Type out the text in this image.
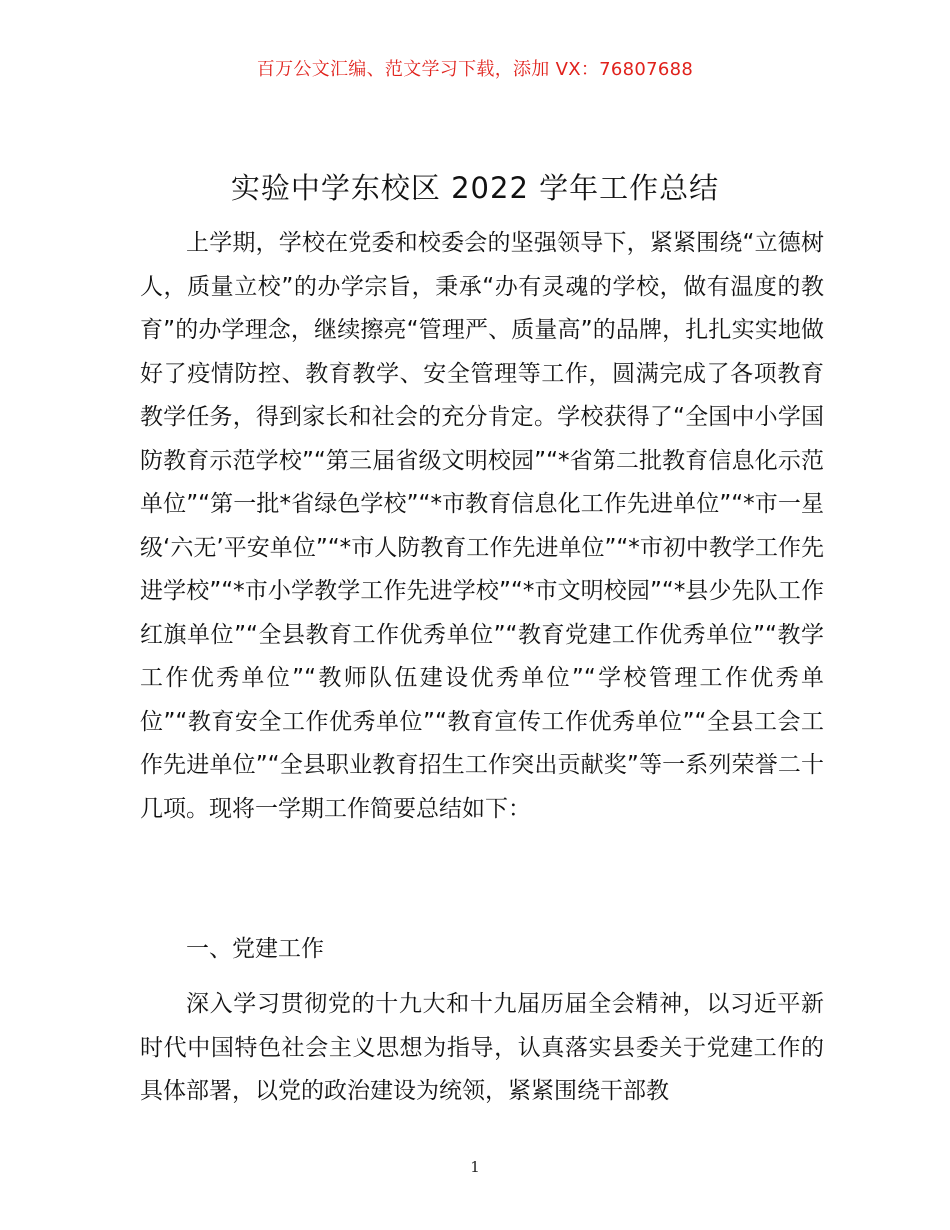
百万公文汇编、范文学习下载，添加 VX：76807688
实验中学东校区 2022 学年工作总结

上学期，学校在党委和校委会的坚强领导下，紧紧围绕“立德树人，质量立校”的办学宗旨，秉承“办有灵魂的学校，做有温度的教育”的办学理念，继续擦亮“管理严、质量高”的品牌，扎扎实实地做好了疫情防控、教育教学、安全管理等工作，圆满完成了各项教育教学任务，得到家长和社会的充分肯定。学校获得了“全国中小学国防教育示范学校”“第三届省级文明校园”“*省第二批教育信息化示范单位”“第一批*省绿色学校”“*市教育信息化工作先进单位”“*市一星级‘六无’平安单位”“*市人防教育工作先进单位”“*市初中教学工作先进学校”“*市小学教学工作先进学校”“*市文明校园”“*县少先队工作红旗单位”“全县教育工作优秀单位”“教育党建工作优秀单位”“教学工作优秀单位”“教师队伍建设优秀单位”“学校管理工作优秀单位”“教育安全工作优秀单位”“教育宣传工作优秀单位”“全县工会工作先进单位”“全县职业教育招生工作突出贡献奖”等一系列荣誉二十几项。现将一学期工作简要总结如下：

一、党建工作

深入学习贯彻党的十九大和十九届历届全会精神，以习近平新时代中国特色社会主义思想为指导，认真落实县委关于党建工作的具体部署，以党的政治建设为统领，紧紧围绕干部教

1
